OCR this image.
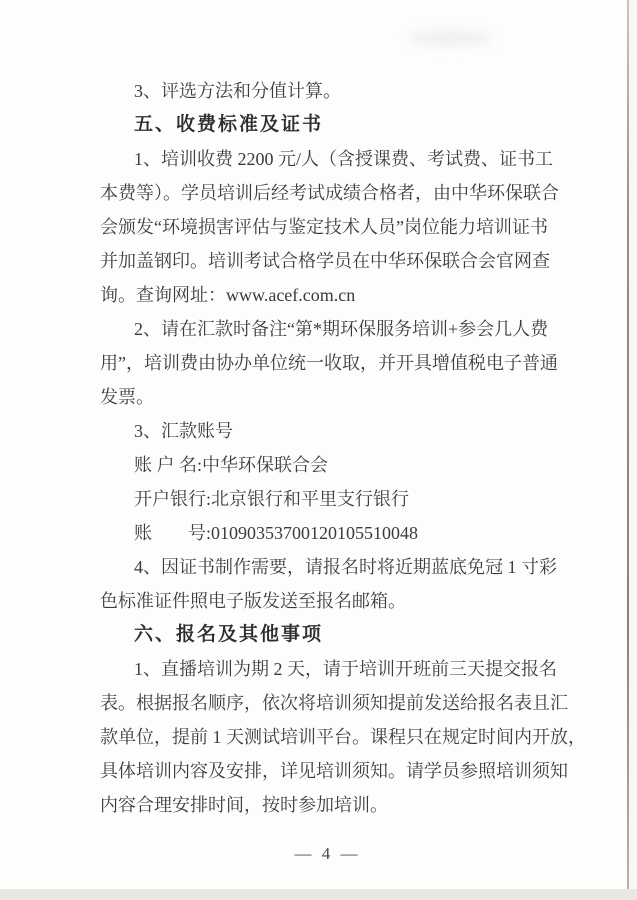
3、评选方法和分值计算。
五、收费标准及证书
1、培训收费 2200 元/人（含授课费、考试费、证书工
本费等）。学员培训后经考试成绩合格者，由中华环保联合
会颁发“环境损害评估与鉴定技术人员”岗位能力培训证书
并加盖钢印。培训考试合格学员在中华环保联合会官网查
询。查询网址：www.acef.com.cn
2、请在汇款时备注“第*期环保服务培训+参会几人费
用”，培训费由协办单位统一收取，并开具增值税电子普通
发票。
3、汇款账号
账 户 名:中华环保联合会
开户银行:北京银行和平里支行银行
账　　号:01090353700120105510048
4、因证书制作需要，请报名时将近期蓝底免冠 1 寸彩
色标准证件照电子版发送至报名邮箱。
六、报名及其他事项
1、直播培训为期 2 天，请于培训开班前三天提交报名
表。根据报名顺序，依次将培训须知提前发送给报名表且汇
款单位，提前 1 天测试培训平台。课程只在规定时间内开放，
具体培训内容及安排，详见培训须知。请学员参照培训须知
内容合理安排时间，按时参加培训。
— 4 —
